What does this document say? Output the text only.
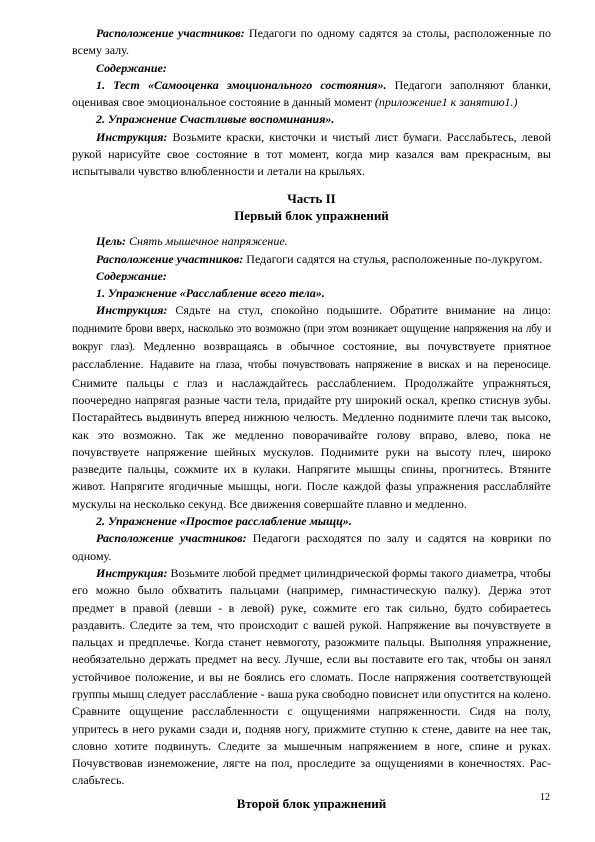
Расположение участников: Педагоги по одному садятся за столы, расположенные по всему залу.

Содержание:

1. Тест «Самооценка эмоционального состояния». Педагоги заполняют бланки, оценивая свое эмоциональное состояние в данный момент (приложение1 к занятию1.)

2. Упражнение Счастливые воспоминания».

Инструкция: Возьмите краски, кисточки и чистый лист бумаги. Расслабьтесь, левой рукой нарисуйте свое состояние в тот момент, когда мир казался вам прекрасным, вы испытывали чувство влюбленности и летали на крыльях.

Часть II

Первый блок упражнений

Цель: Снять мышечное напряжение.

Расположение участников: Педагоги садятся на стулья, расположенные по-лукругом.

Содержание:

1. Упражнение «Расслабление всего тела».

Инструкция: Сядьте на стул, спокойно подышите. Обратите внимание на лицо: поднимите брови вверх, насколько это возможно (при этом возникает ощущение напряжения на лбу и вокруг глаз). Медленно возвращаясь в обычное состояние, вы почувствуете приятное расслабление. Надавите на глаза, чтобы почувствовать напряжение в висках и на переносице. Снимите пальцы с глаз и наслаждайтесь расслаблением. Продолжайте упражняться, поочередно напрягая разные части тела, придайте рту широкий оскал, крепко стиснув зубы. Постарайтесь выдвинуть вперед нижнюю челюсть. Медленно поднимите плечи так высоко, как это возможно. Так же медленно поворачивайте голову вправо, влево, пока не почувствуете напряжение шейных мускулов. Поднимите руки на высоту плеч, широко разведите пальцы, сожмите их в кулаки. Напрягите мышцы спины, прогнитесь. Втяните живот. Напрягите ягодичные мышцы, ноги. После каждой фазы упражнения расслабляйте мускулы на несколько секунд. Все движения совершайте плавно и медленно.

2. Упражнение «Простое расслабление мыщц».

Расположение участников: Педагоги расходятся по залу и садятся на коврики по одному.

Инструкция: Возьмите любой предмет цилиндрической формы такого диаметра, чтобы его можно было обхватить пальцами (например, гимнастическую палку). Держа этот предмет в правой (левши - в левой) руке, сожмите его так сильно, будто собираетесь раздавить. Следите за тем, что происходит с вашей рукой. Напряжение вы почувствуете в пальцах и предплечье. Когда станет невмоготу, разожмите пальцы. Выполняя упражнение, необязательно держать предмет на весу. Лучше, если вы поставите его так, чтобы он занял устойчивое положение, и вы не боялись его сломать. После напряжения соответствующей группы мышц следует расслабление - ваша рука свободно повиснет или опустится на колено. Сравните ощущение расслабленности с ощущениями напряженности. Сидя на полу, упритесь в него руками сзади и, подняв ногу, прижмите ступню к стене, давите на нее так, словно хотите подвинуть. Следите за мышечным напряжением в ноге, спине и руках. Почувствовав изнеможение, лягте на пол, проследите за ощущениями в конечностях. Рас-слабьтесь.

Второй блок упражнений	12
